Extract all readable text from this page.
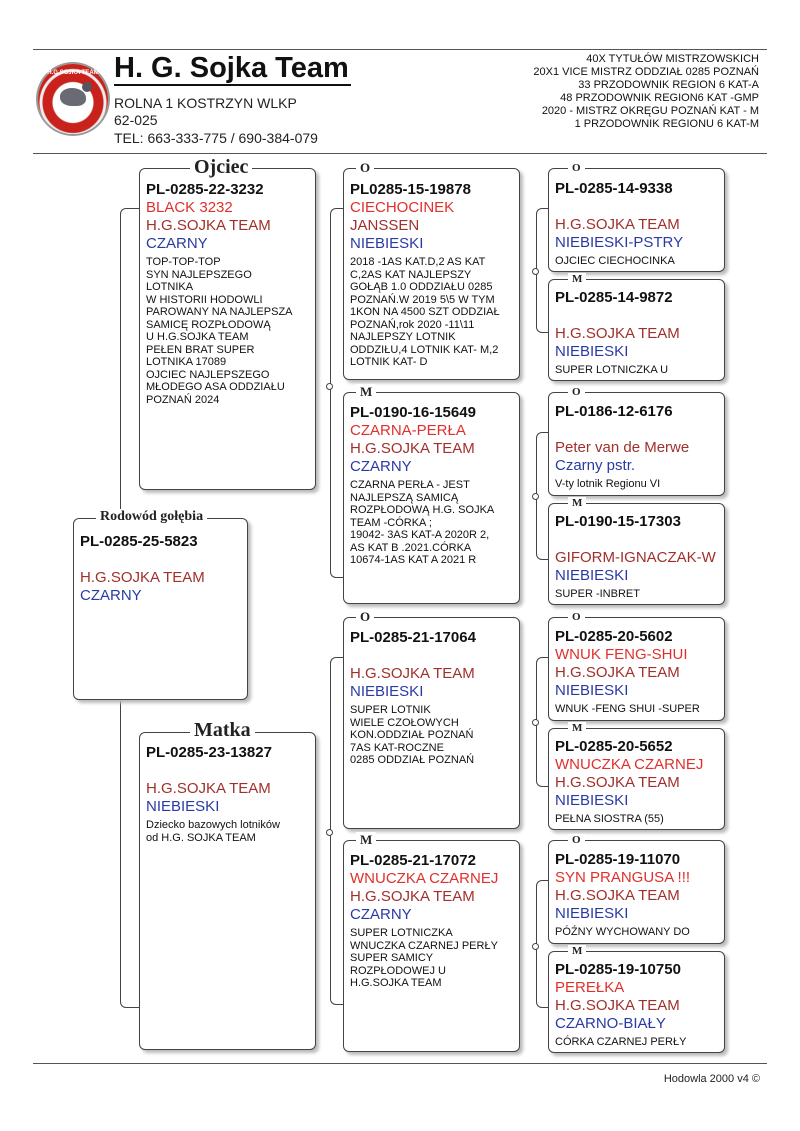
H.G.SOJKA TEAM H. G. Sojka Team
ROLNA 1 KOSTRZYN WLKP
62-025
TEL: 663-333-775 / 690-384-079
40X TYTUŁÓW MISTRZOWSKICH
20X1 VICE MISTRZ ODDZIAŁ 0285 POZNAŃ
33 PRZODOWNIK REGION 6 KAT-A
48 PRZODOWNIK REGION6 KAT -GMP
2020 - MISTRZ OKRĘGU POZNAŃ KAT - M
1 PRZODOWNIK REGIONU 6 KAT-M
PL-0285-25-5823
H.G.SOJKA TEAM
CZARNY
Rodowód gołębia
PL-0285-22-3232
BLACK 3232
H.G.SOJKA TEAM
CZARNY
TOP-TOP-TOP
SYN NAJLEPSZEGO
LOTNIKA
W HISTORII HODOWLI
PAROWANY NA NAJLEPSZA
SAMICĘ ROZPŁODOWĄ
U H.G.SOJKA TEAM
PEŁEN BRAT SUPER
LOTNIKA 17089
OJCIEC NAJLEPSZEGO
MŁODEGO ASA ODDZIAŁU
POZNAŃ 2024
Ojciec
PL-0285-23-13827
H.G.SOJKA TEAM
NIEBIESKI
Dziecko bazowych lotników
od H.G. SOJKA TEAM
Matka
PL0285-15-19878
CIECHOCINEK
JANSSEN
NIEBIESKI
2018 -1AS KAT.D,2 AS KAT
C,2AS KAT NAJLEPSZY
GOŁĄB 1.0 ODDZIAŁU 0285
POZNAŃ.W 2019 5\5 W TYM
1KON NA 4500 SZT ODDZIAŁ
POZNAŃ,rok 2020 -11\11
NAJLEPSZY LOTNIK
ODDZIŁU,4 LOTNIK KAT- M,2
LOTNIK KAT- D
O
PL-0190-16-15649
CZARNA-PERŁA
H.G.SOJKA TEAM
CZARNY
CZARNA PERŁA - JEST
NAJLEPSZĄ SAMICĄ
ROZPŁODOWĄ H.G. SOJKA
TEAM -CÓRKA ;
19042- 3AS KAT-A 2020R 2,
AS KAT B .2021.CÓRKA
10674-1AS KAT A 2021 R
M
PL-0285-21-17064
H.G.SOJKA TEAM
NIEBIESKI
SUPER LOTNIK
WIELE CZOŁOWYCH
KON.ODDZIAŁ POZNAŃ
7AS KAT-ROCZNE
0285 ODDZIAŁ POZNAŃ
O
PL-0285-21-17072
WNUCZKA CZARNEJ
H.G.SOJKA TEAM
CZARNY
SUPER LOTNICZKA
WNUCZKA CZARNEJ PERŁY
SUPER SAMICY
ROZPŁODOWEJ U
H.G.SOJKA TEAM
M
PL-0285-14-9338
H.G.SOJKA TEAM
NIEBIESKI-PSTRY
OJCIEC CIECHOCINKA
O
PL-0285-14-9872
H.G.SOJKA TEAM
NIEBIESKI
SUPER LOTNICZKA U
M
PL-0186-12-6176
Peter van de Merwe
Czarny pstr.
V-ty lotnik Regionu VI
O
PL-0190-15-17303
GIFORM-IGNACZAK-W
NIEBIESKI
SUPER -INBRET
M
PL-0285-20-5602
WNUK FENG-SHUI
H.G.SOJKA TEAM
NIEBIESKI
WNUK -FENG SHUI -SUPER
O
PL-0285-20-5652
WNUCZKA CZARNEJ
H.G.SOJKA TEAM
NIEBIESKI
PEŁNA SIOSTRA (55)
M
PL-0285-19-11070
SYN PRANGUSA !!!
H.G.SOJKA TEAM
NIEBIESKI
PÓŹNY WYCHOWANY DO
O
PL-0285-19-10750
PEREŁKA
H.G.SOJKA TEAM
CZARNO-BIAŁY
CÓRKA CZARNEJ PERŁY
M
Hodowla 2000 v4 ©
